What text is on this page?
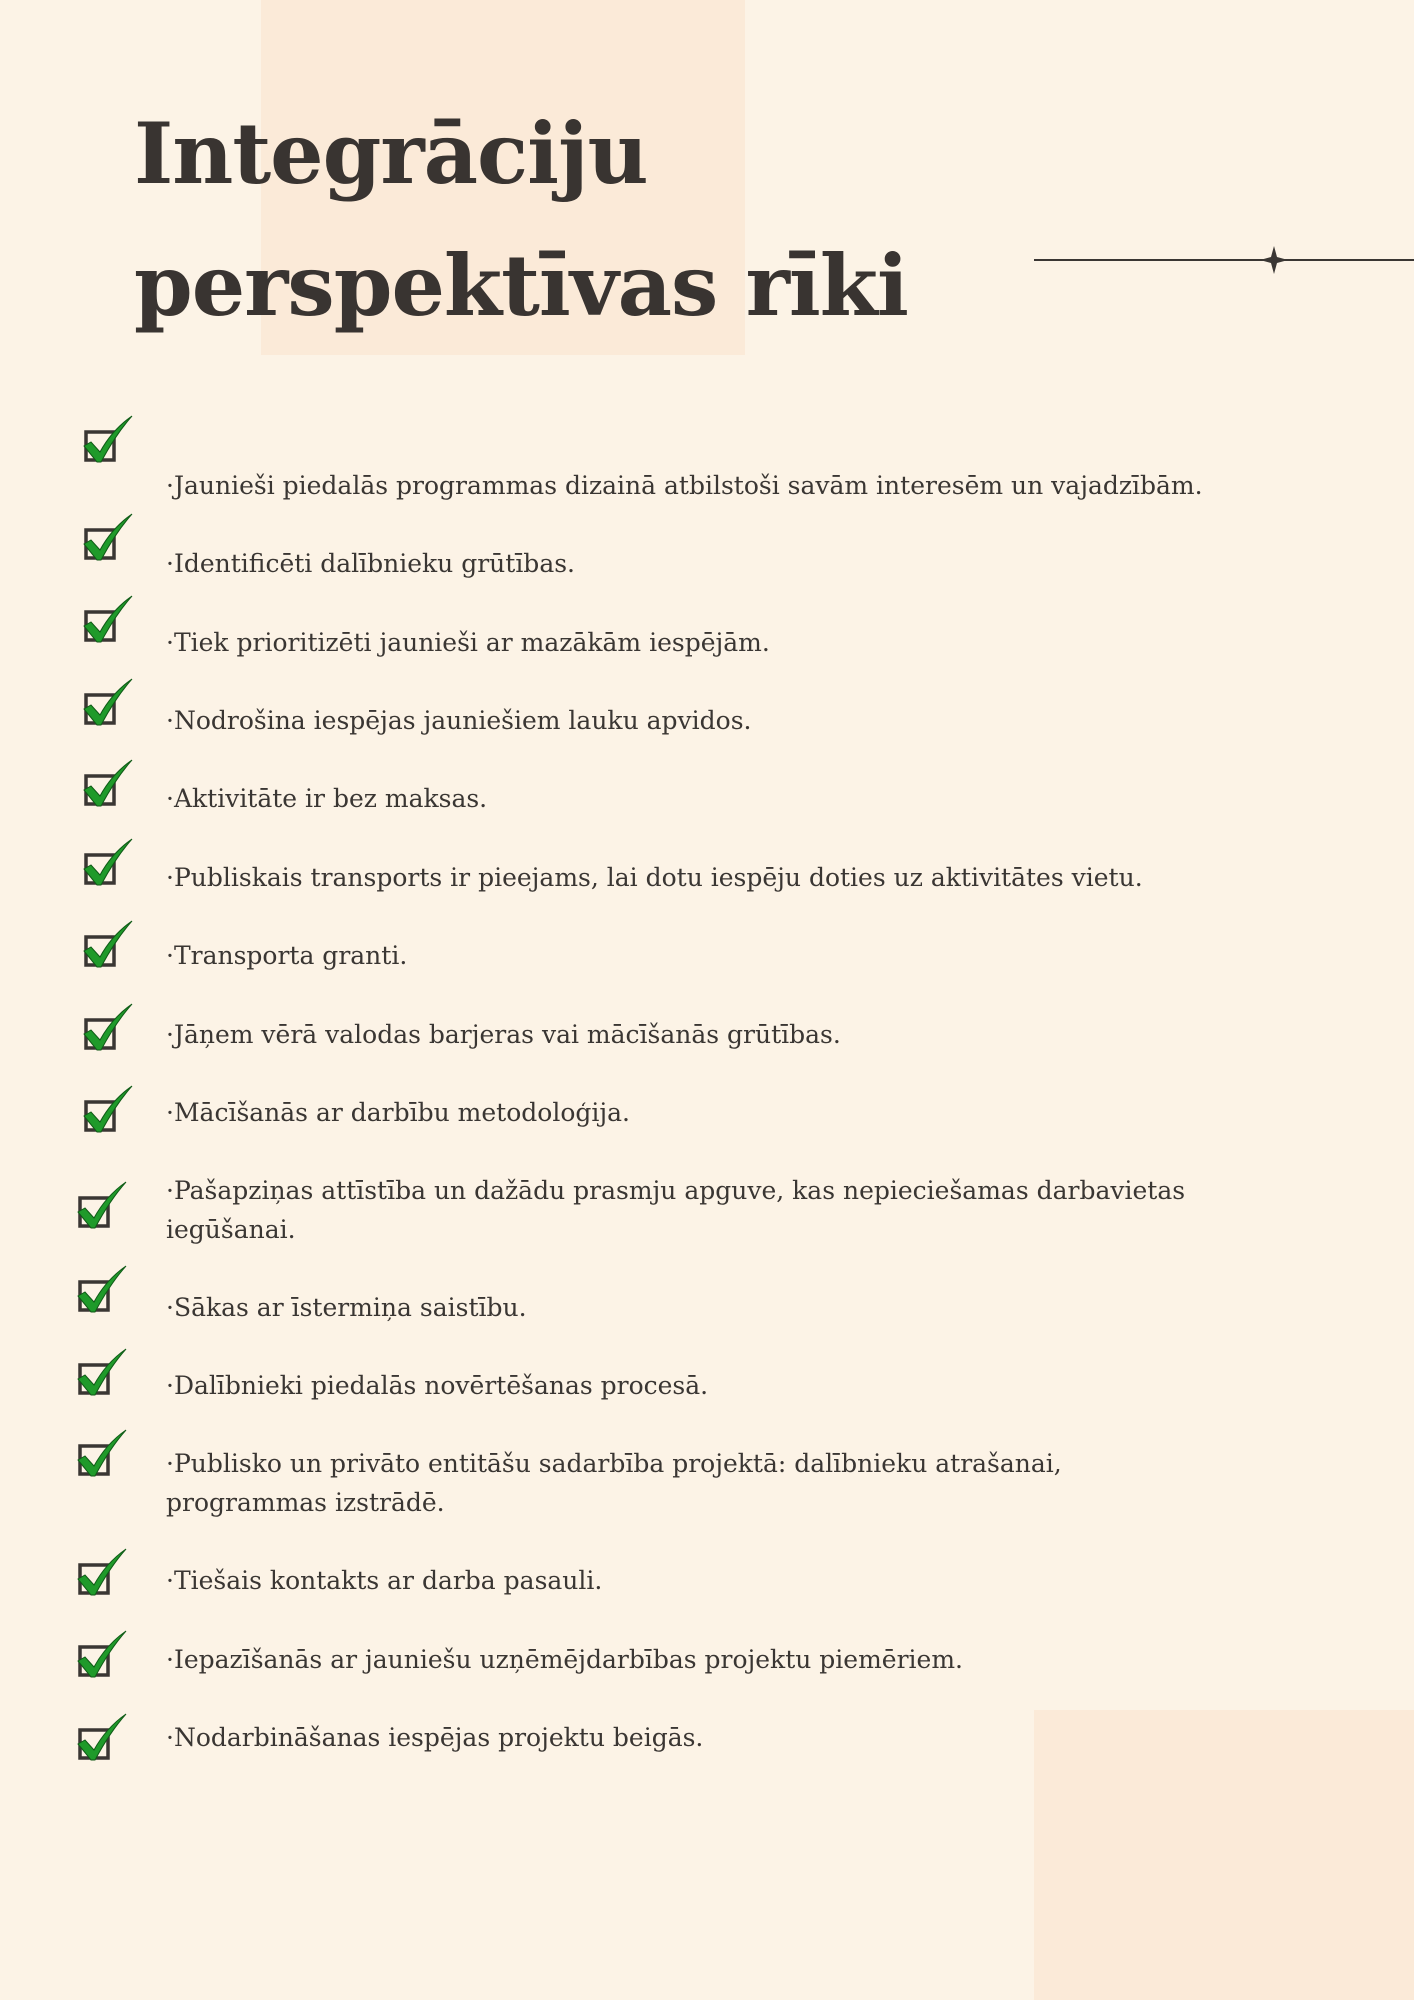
Integrāciju perspektīvas rīki
·Jaunieši piedalās programmas dizainā atbilstoši savām interesēm un vajadzībām.
·Identificēti dalībnieku grūtības.
·Tiek prioritizēti jaunieši ar mazākām iespējām.
·Nodrošina iespējas jauniešiem lauku apvidos.
·Aktivitāte ir bez maksas.
·Publiskais transports ir pieejams, lai dotu iespēju doties uz aktivitātes vietu.
·Transporta granti.
·Jāņem vērā valodas barjeras vai mācīšanās grūtības.
·Mācīšanās ar darbību metodoloģija.
·Pašapziņas attīstība un dažādu prasmju apguve, kas nepieciešamas darbavietas iegūšanai.
·Sākas ar īstermiņa saistību.
·Dalībnieki piedalās novērtēšanas procesā.
·Publisko un privāto entitāšu sadarbība projektā: dalībnieku atrašanai, programmas izstrādē.
·Tiešais kontakts ar darba pasauli.
·Iepazīšanās ar jauniešu uzņēmējdarbības projektu piemēriem.
·Nodarbināšanas iespējas projektu beigās.
